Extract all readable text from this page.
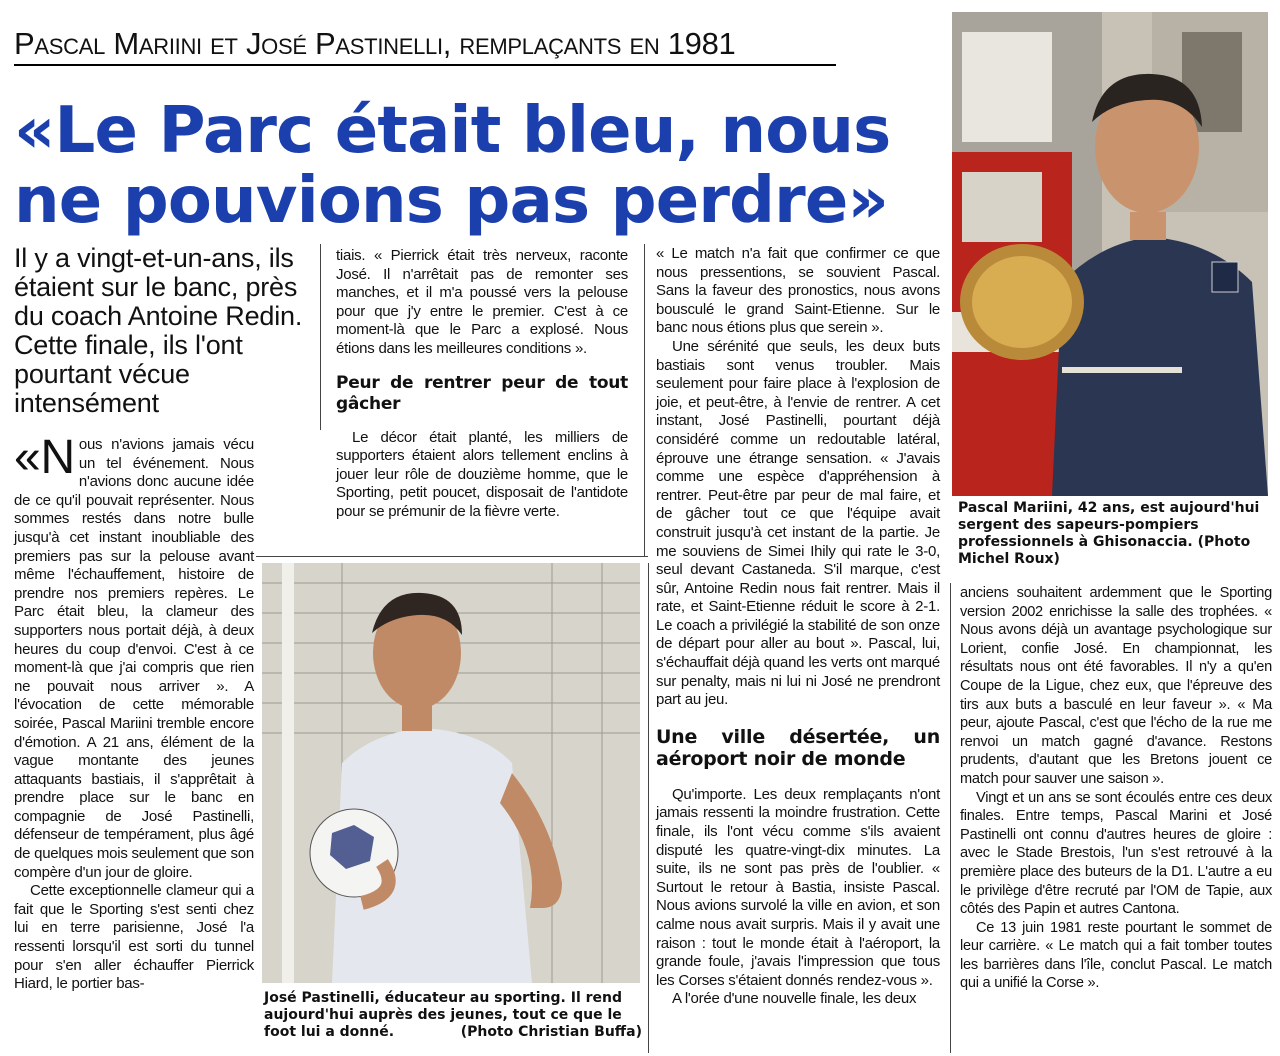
Pascal Mariini et José Pastinelli, remplaçants en 1981
«Le Parc était bleu, nous
ne pouvions pas perdre»
Il y a vingt-et-un-ans, ils étaient sur le banc, près du coach Antoine Redin. Cette finale, ils l'ont pourtant vécue intensément

«Nous n'avions jamais vécu un tel événement. Nous n'avions donc aucune idée de ce qu'il pouvait représenter. Nous sommes restés dans notre bulle jusqu'à cet instant inoubliable des premiers pas sur la pelouse avant même l'échauffement, histoire de prendre nos premiers repères. Le Parc était bleu, la clameur des supporters nous portait déjà, à deux heures du coup d'envoi. C'est à ce moment-là que j'ai compris que rien ne pouvait nous arriver ». A l'évocation de cette mémorable soirée, Pascal Mariini tremble encore d'émotion. A 21 ans, élément de la vague montante des jeunes attaquants bastiais, il s'apprêtait à prendre place sur le banc en compagnie de José Pastinelli, défenseur de tempérament, plus âgé de quelques mois seulement que son compère d'un jour de gloire.

Cette exceptionnelle clameur qui a fait que le Sporting s'est senti chez lui en terre parisienne, José l'a ressenti lorsqu'il est sorti du tunnel pour s'en aller échauffer Pierrick Hiard, le portier bas-

tiais. « Pierrick était très nerveux, raconte José. Il n'arrêtait pas de remonter ses manches, et il m'a poussé vers la pelouse pour que j'y entre le premier. C'est à ce moment-là que le Parc a explosé. Nous étions dans les meilleures conditions ».

Peur de rentrer peur de tout gâcher

Le décor était planté, les milliers de supporters étaient alors tellement enclins à jouer leur rôle de douzième homme, que le Sporting, petit poucet, disposait de l'antidote pour se prémunir de la fièvre verte.

« Le match n'a fait que confirmer ce que nous pressentions, se souvient Pascal. Sans la faveur des pronostics, nous avons bousculé le grand Saint-Etienne. Sur le banc nous étions plus que serein ».

Une sérénité que seuls, les deux buts bastiais sont venus troubler. Mais seulement pour faire place à l'explosion de joie, et peut-être, à l'envie de rentrer. A cet instant, José Pastinelli, pourtant déjà considéré comme un redoutable latéral, éprouve une étrange sensation. « J'avais comme une espèce d'appréhension à rentrer. Peut-être par peur de mal faire, et de gâcher tout ce que l'équipe avait construit jusqu'à cet instant de la partie. Je me souviens de Simei Ihily qui rate le 3-0, seul devant Castaneda. S'il marque, c'est sûr, Antoine Redin nous fait rentrer. Mais il rate, et Saint-Etienne réduit le score à 2-1. Le coach a privilégié la stabilité de son onze de départ pour aller au bout ». Pascal, lui, s'échauffait déjà quand les verts ont marqué sur penalty, mais ni lui ni José ne prendront part au jeu.

Une ville désertée, un aéroport noir de monde

Qu'importe. Les deux remplaçants n'ont jamais ressenti la moindre frustration. Cette finale, ils l'ont vécu comme s'ils avaient disputé les quatre-vingt-dix minutes. La suite, ils ne sont pas près de l'oublier. « Surtout le retour à Bastia, insiste Pascal. Nous avions survolé la ville en avion, et son calme nous avait surpris. Mais il y avait une raison : tout le monde était à l'aéroport, la grande foule, j'avais l'impression que tous les Corses s'étaient donnés rendez-vous ».

A l'orée d'une nouvelle finale, les deux

anciens souhaitent ardemment que le Sporting version 2002 enrichisse la salle des trophées. « Nous avons déjà un avantage psychologique sur Lorient, confie José. En championnat, les résultats nous ont été favorables. Il n'y a qu'en Coupe de la Ligue, chez eux, que l'épreuve des tirs aux buts a basculé en leur faveur ». « Ma peur, ajoute Pascal, c'est que l'écho de la rue me renvoi un match gagné d'avance. Restons prudents, d'autant que les Bretons jouent ce match pour sauver une saison ».

Vingt et un ans se sont écoulés entre ces deux finales. Entre temps, Pascal Marini et José Pastinelli ont connu d'autres heures de gloire : avec le Stade Brestois, l'un s'est retrouvé à la première place des buteurs de la D1. L'autre a eu le privilège d'être recruté par l'OM de Tapie, aux côtés des Papin et autres Cantona.

Ce 13 juin 1981 reste pourtant le sommet de leur carrière. « Le match qui a fait tomber toutes les barrières dans l'île, conclut Pascal. Le match qui a unifié la Corse ».

Pascal Mariini, 42 ans, est aujourd'hui sergent des sapeurs-pompiers professionnels à Ghisonaccia. (Photo Michel Roux)
José Pastinelli, éducateur au sporting. Il rend aujourd'hui auprès des jeunes, tout ce que le foot lui a donné.	(Photo Christian Buffa)
